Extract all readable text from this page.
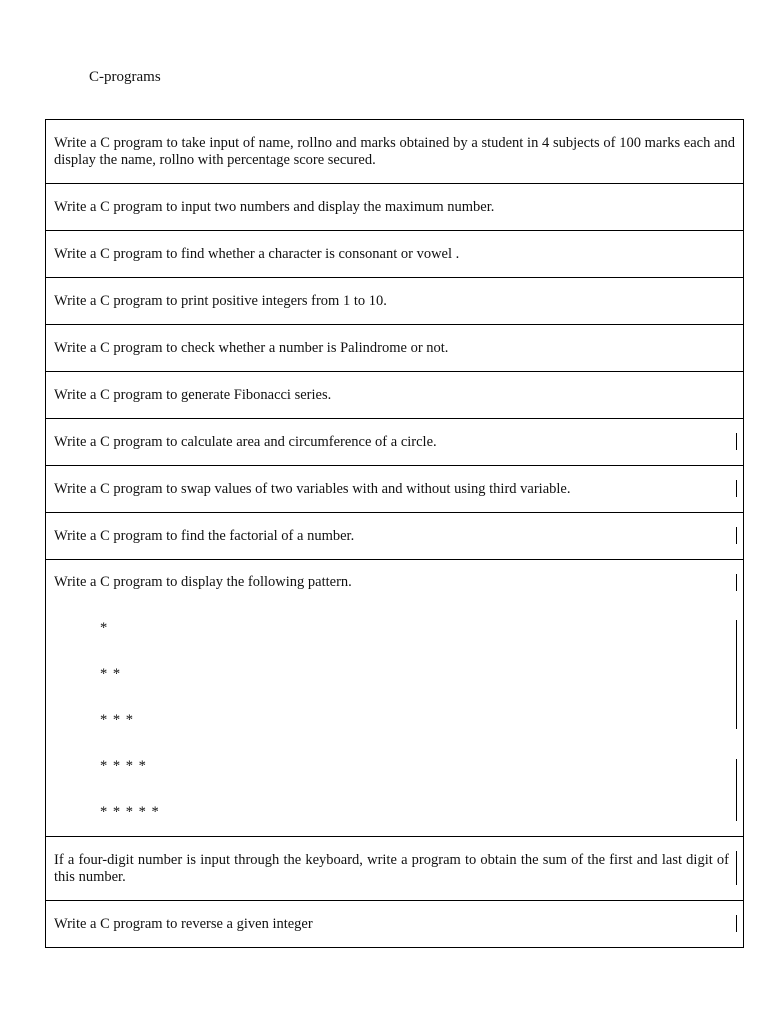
C-programs
Write a C program to take input of name, rollno and marks obtained by a student in 4 subjects of 100 marks each and display the name, rollno with percentage score secured.
Write a C program to input two numbers and display the maximum number.
Write a C program to find whether a character is consonant or vowel .
Write a C program to print positive integers from 1 to 10.
Write a C program to check whether a number is Palindrome or not.
Write a C program to generate Fibonacci series.
Write a C program to calculate area and circumference of a circle.

Write a C program to swap values of two variables with and without using third variable.

Write a C program to find the factorial of a number.

Write a C program to display the following pattern.
*
* *
* * *
* * * *
* * * * *

If a four-digit number is input through the keyboard, write a program to obtain the sum of the first and last digit of this number.

Write a C program to reverse a given integer
